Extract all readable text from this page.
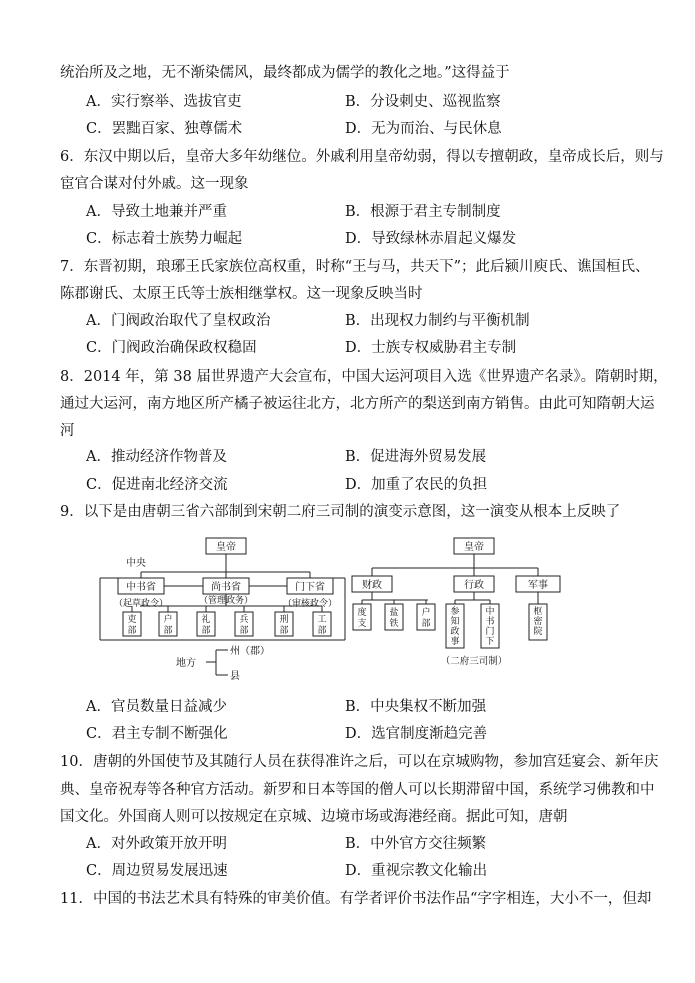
统治所及之地，无不渐染儒风，最终都成为儒学的教化之地。”这得益于
A．实行察举、选拔官吏	B．分设刺史、巡视监察
C．罢黜百家、独尊儒术	D．无为而治、与民休息
6．东汉中期以后，皇帝大多年幼继位。外戚利用皇帝幼弱，得以专擅朝政，皇帝成长后，则与
宦官合谋对付外戚。这一现象
A．导致土地兼并严重	B．根源于君主专制制度
C．标志着士族势力崛起	D．导致绿林赤眉起义爆发
7．东晋初期，琅琊王氏家族位高权重，时称“王与马，共天下”；此后颍川庾氏、谯国桓氏、
陈郡谢氏、太原王氏等士族相继掌权。这一现象反映当时
A．门阀政治取代了皇权政治	B．出现权力制约与平衡机制
C．门阀政治确保政权稳固	D．士族专权威胁君主专制
8．2014 年，第 38 届世界遗产大会宣布，中国大运河项目入选《世界遗产名录》。隋朝时期，
通过大运河，南方地区所产橘子被运往北方，北方所产的梨送到南方销售。由此可知隋朝大运
河
A．推动经济作物普及	B．促进海外贸易发展
C．促进南北经济交流	D．加重了农民的负担
9．以下是由唐朝三省六部制到宋朝二府三司制的演变示意图，这一演变从根本上反映了
皇帝
中央
中书省	尚书省	门下省
（起草政令）	（管理政务）	（审核政令）
吏部
户部
礼部
兵部
刑部
工部
地方
州（郡）
县
皇帝
财政	行政	军事
度支
盐铁
户部
参知政事
中书门下
枢密院
（二府三司制）
A．官员数量日益减少	B．中央集权不断加强
C．君主专制不断强化	D．选官制度渐趋完善
10．唐朝的外国使节及其随行人员在获得准许之后，可以在京城购物，参加宫廷宴会、新年庆
典、皇帝祝寿等各种官方活动。新罗和日本等国的僧人可以长期滞留中国，系统学习佛教和中
国文化。外国商人则可以按规定在京城、边境市场或海港经商。据此可知，唐朝
A．对外政策开放开明	B．中外官方交往频繁
C．周边贸易发展迅速	D．重视宗教文化输出
11．中国的书法艺术具有特殊的审美价值。有学者评价书法作品“字字相连，大小不一，但却
